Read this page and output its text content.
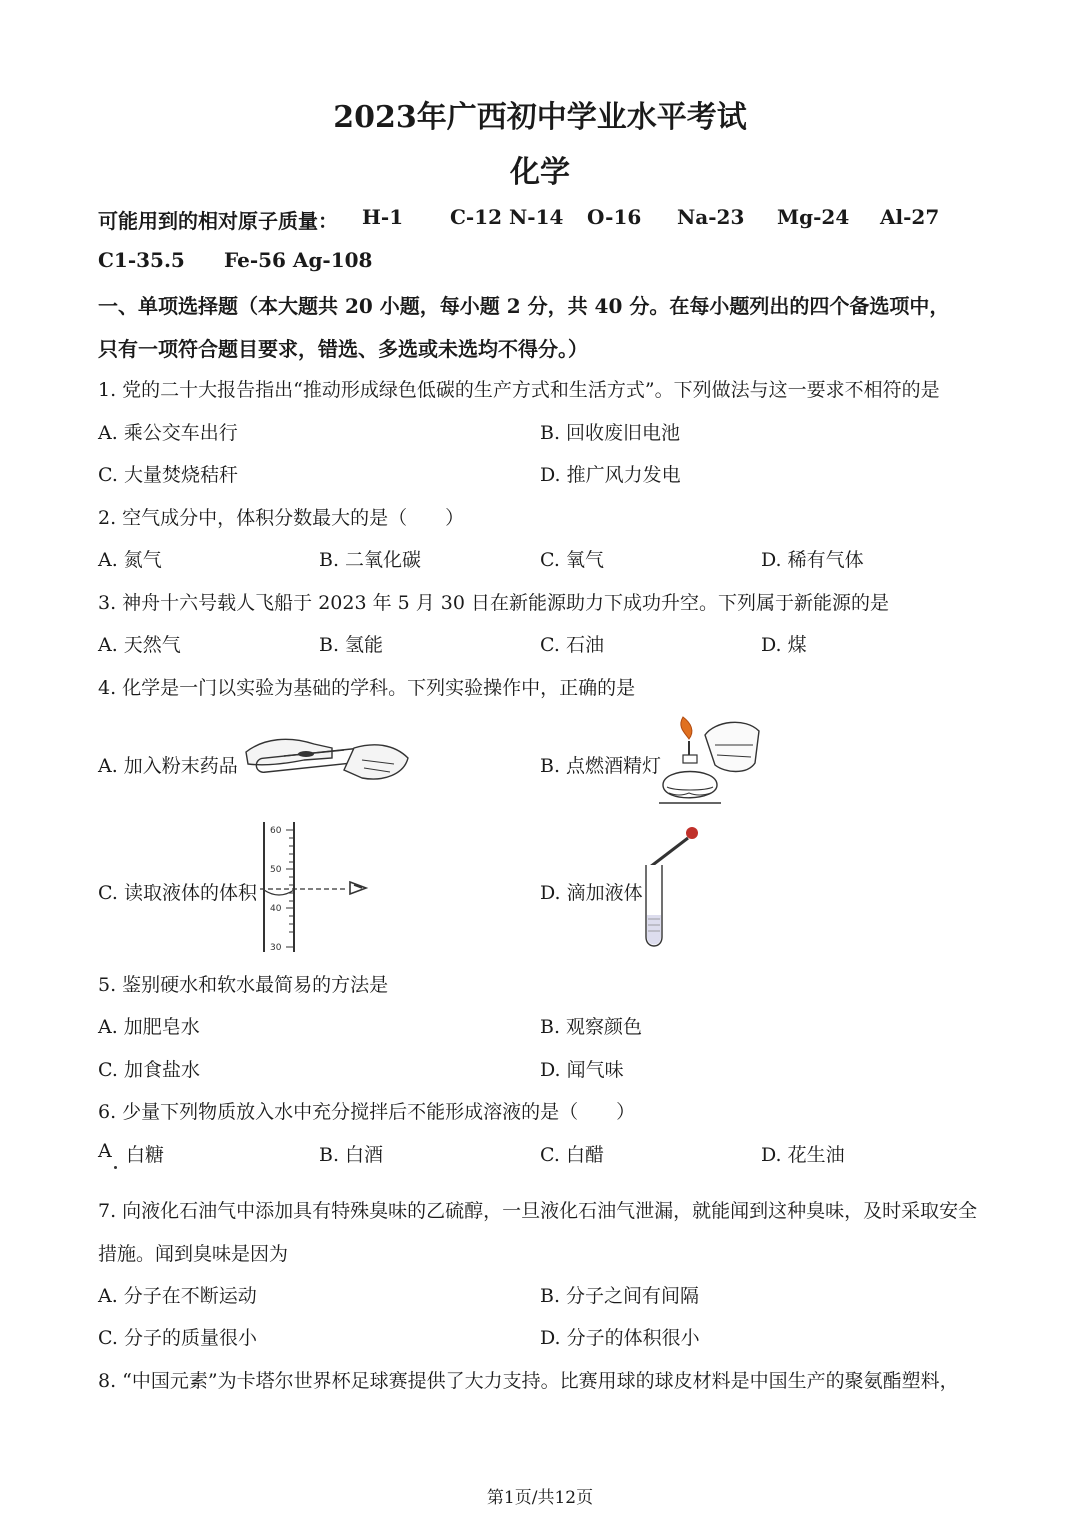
2023年广西初中学业水平考试
化学
可能用到的相对原子质量： H-1 C-12 N-14 O-16 Na-23 Mg-24 Al-27
C1-35.5 Fe-56 Ag-108
一、单项选择题（本大题共 20 小题，每小题 2 分，共 40 分。在每小题列出的四个备选项中，
只有一项符合题目要求，错选、多选或未选均不得分。）
1. 党的二十大报告指出“推动形成绿色低碳的生产方式和生活方式”。下列做法与这一要求不相符的是
A. 乘公交车出行	B. 回收废旧电池
C. 大量焚烧秸秆	D. 推广风力发电
2. 空气成分中，体积分数最大的是（　　）
A. 氮气	B. 二氧化碳	C. 氧气	D. 稀有气体
3. 神舟十六号载人飞船于 2023 年 5 月 30 日在新能源助力下成功升空。下列属于新能源的是
A. 天然气	B. 氢能	C. 石油	D. 煤
4. 化学是一门以实验为基础的学科。下列实验操作中，正确的是
A. 加入粉末药品	B. 点燃酒精灯
C. 读取液体的体积	D. 滴加液体
60
50
40
30
5. 鉴别硬水和软水最简易的方法是
A. 加肥皂水	B. 观察颜色
C. 加食盐水	D. 闻气味
6. 少量下列物质放入水中充分搅拌后不能形成溶液的是（　　）
A 白糖	B. 白酒	C. 白醋	D. 花生油
7. 向液化石油气中添加具有特殊臭味的乙硫醇，一旦液化石油气泄漏，就能闻到这种臭味，及时采取安全
措施。闻到臭味是因为
A. 分子在不断运动	B. 分子之间有间隔
C. 分子的质量很小	D. 分子的体积很小
8. “中国元素”为卡塔尔世界杯足球赛提供了大力支持。比赛用球的球皮材料是中国生产的聚氨酯塑料，
第1页/共12页
